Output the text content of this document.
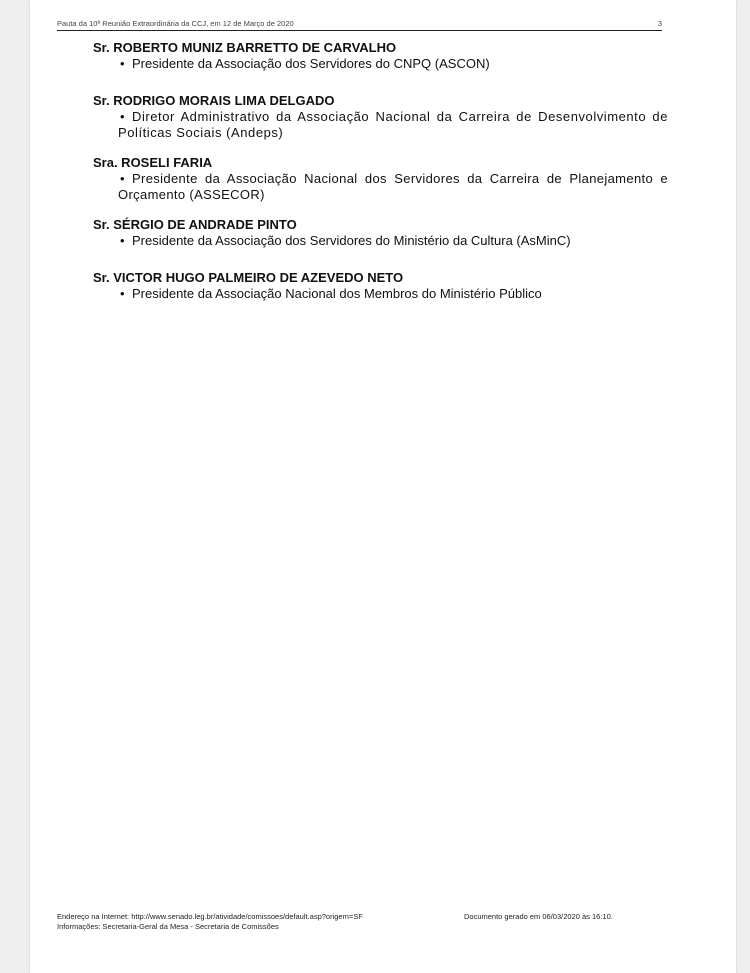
Pauta da 10ª Reunião Extraordinária da CCJ, em 12 de Março de 2020	3
Sr. ROBERTO MUNIZ BARRETTO DE CARVALHO
• Presidente da Associação dos Servidores do CNPQ (ASCON)
Sr. RODRIGO MORAIS LIMA DELGADO
• Diretor Administrativo da Associação Nacional da Carreira de Desenvolvimento de Políticas Sociais (Andeps)
Sra. ROSELI FARIA
• Presidente da Associação Nacional dos Servidores da Carreira de Planejamento e Orçamento (ASSECOR)
Sr. SÉRGIO DE ANDRADE PINTO
• Presidente da Associação dos Servidores do Ministério da Cultura (AsMinC)
Sr. VICTOR HUGO PALMEIRO DE AZEVEDO NETO
• Presidente da Associação Nacional dos Membros do Ministério Público
Endereço na Internet: http://www.senado.leg.br/atividade/comissoes/default.asp?origem=SF
Informações: Secretaria-Geral da Mesa - Secretaria de Comissões
Documento gerado em 06/03/2020 às 16:10.
